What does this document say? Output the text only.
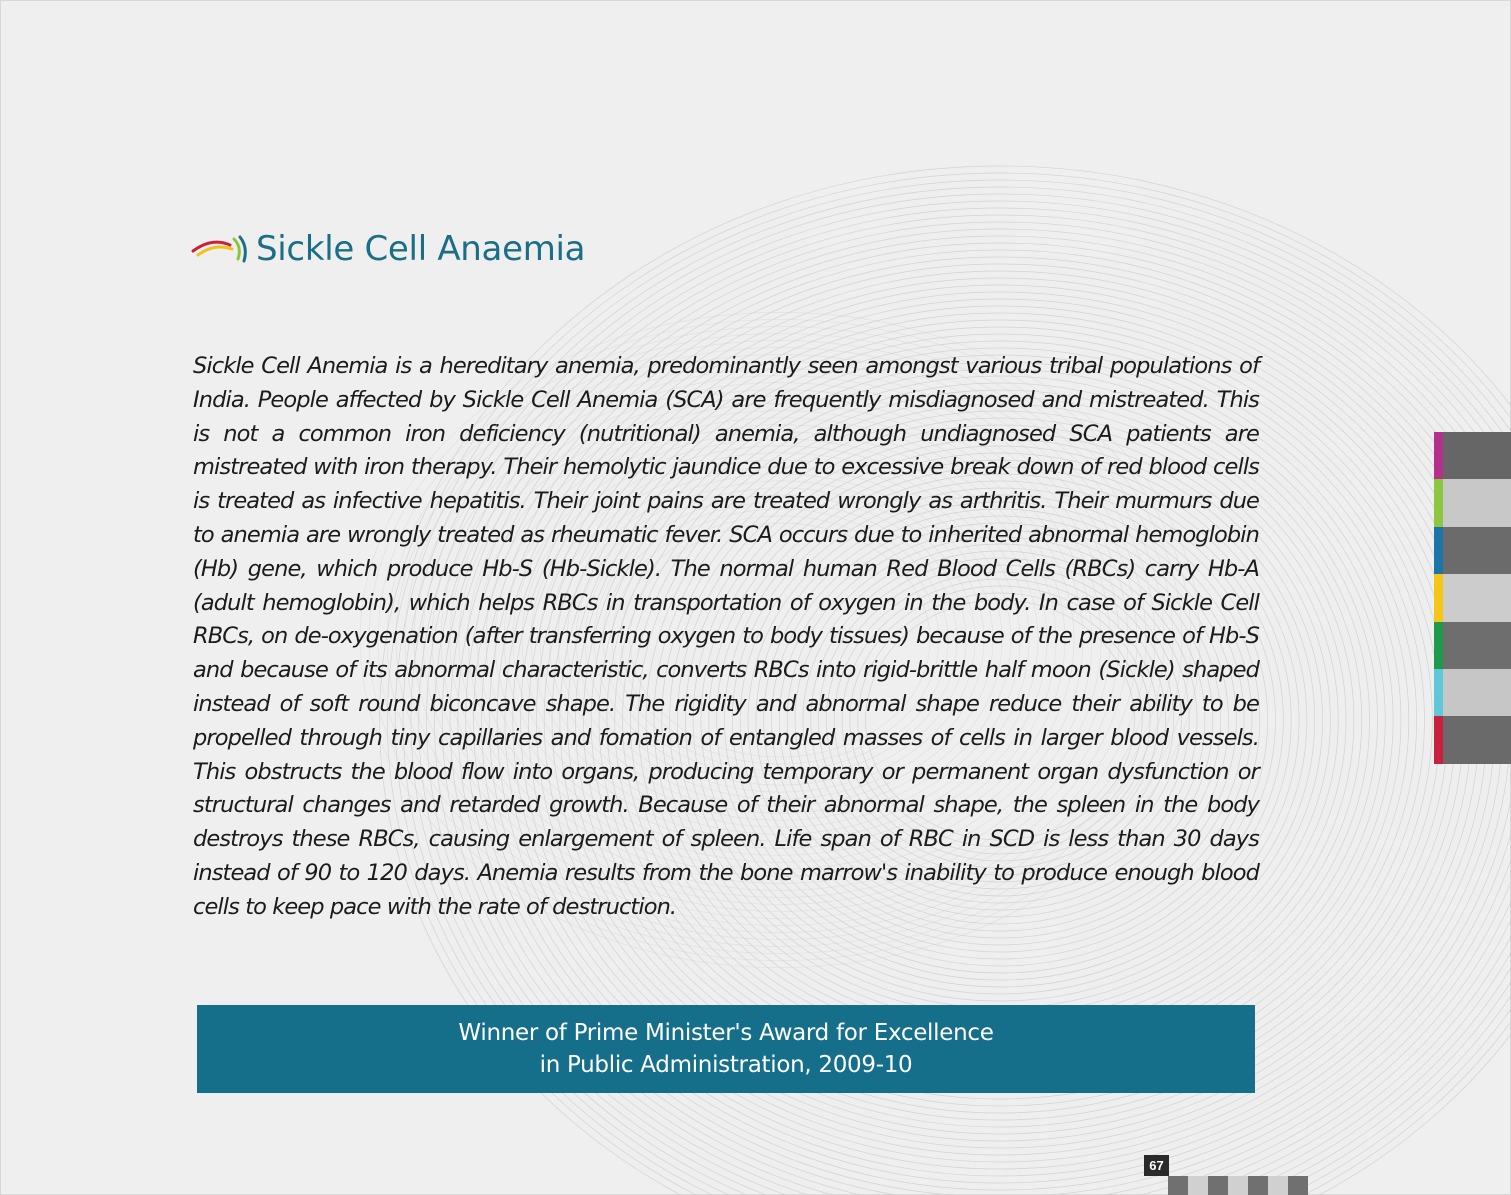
Sickle Cell Anaemia

Sickle Cell Anemia is a hereditary anemia, predominantly seen amongst various tribal populations of India. People affected by Sickle Cell Anemia (SCA) are frequently misdiagnosed and mistreated. This is not a common iron deficiency (nutritional) anemia, although undiagnosed SCA patients are mistreated with iron therapy. Their hemolytic jaundice due to excessive break down of red blood cells is treated as infective hepatitis. Their joint pains are treated wrongly as arthritis. Their murmurs due to anemia are wrongly treated as rheumatic fever. SCA occurs due to inherited abnormal hemoglobin (Hb) gene, which produce Hb-S (Hb-Sickle). The normal human Red Blood Cells (RBCs) carry Hb-A (adult hemoglobin), which helps RBCs in transportation of oxygen in the body. In case of Sickle Cell RBCs, on de-oxygenation (after transferring oxygen to body tissues) because of the presence of Hb-S and because of its abnormal characteristic, converts RBCs into rigid-brittle half moon (Sickle) shaped instead of soft round biconcave shape. The rigidity and abnormal shape reduce their ability to be propelled through tiny capillaries and fomation of entangled masses of cells in larger blood vessels. This obstructs the blood flow into organs, producing temporary or permanent organ dysfunction or structural changes and retarded growth. Because of their abnormal shape, the spleen in the body destroys these RBCs, causing enlargement of spleen. Life span of RBC in SCD is less than 30 days instead of 90 to 120 days. Anemia results from the bone marrow's inability to produce enough blood cells to keep pace with the rate of destruction.

Winner of Prime Minister's Award for Excellence
in Public Administration, 2009-10
67
